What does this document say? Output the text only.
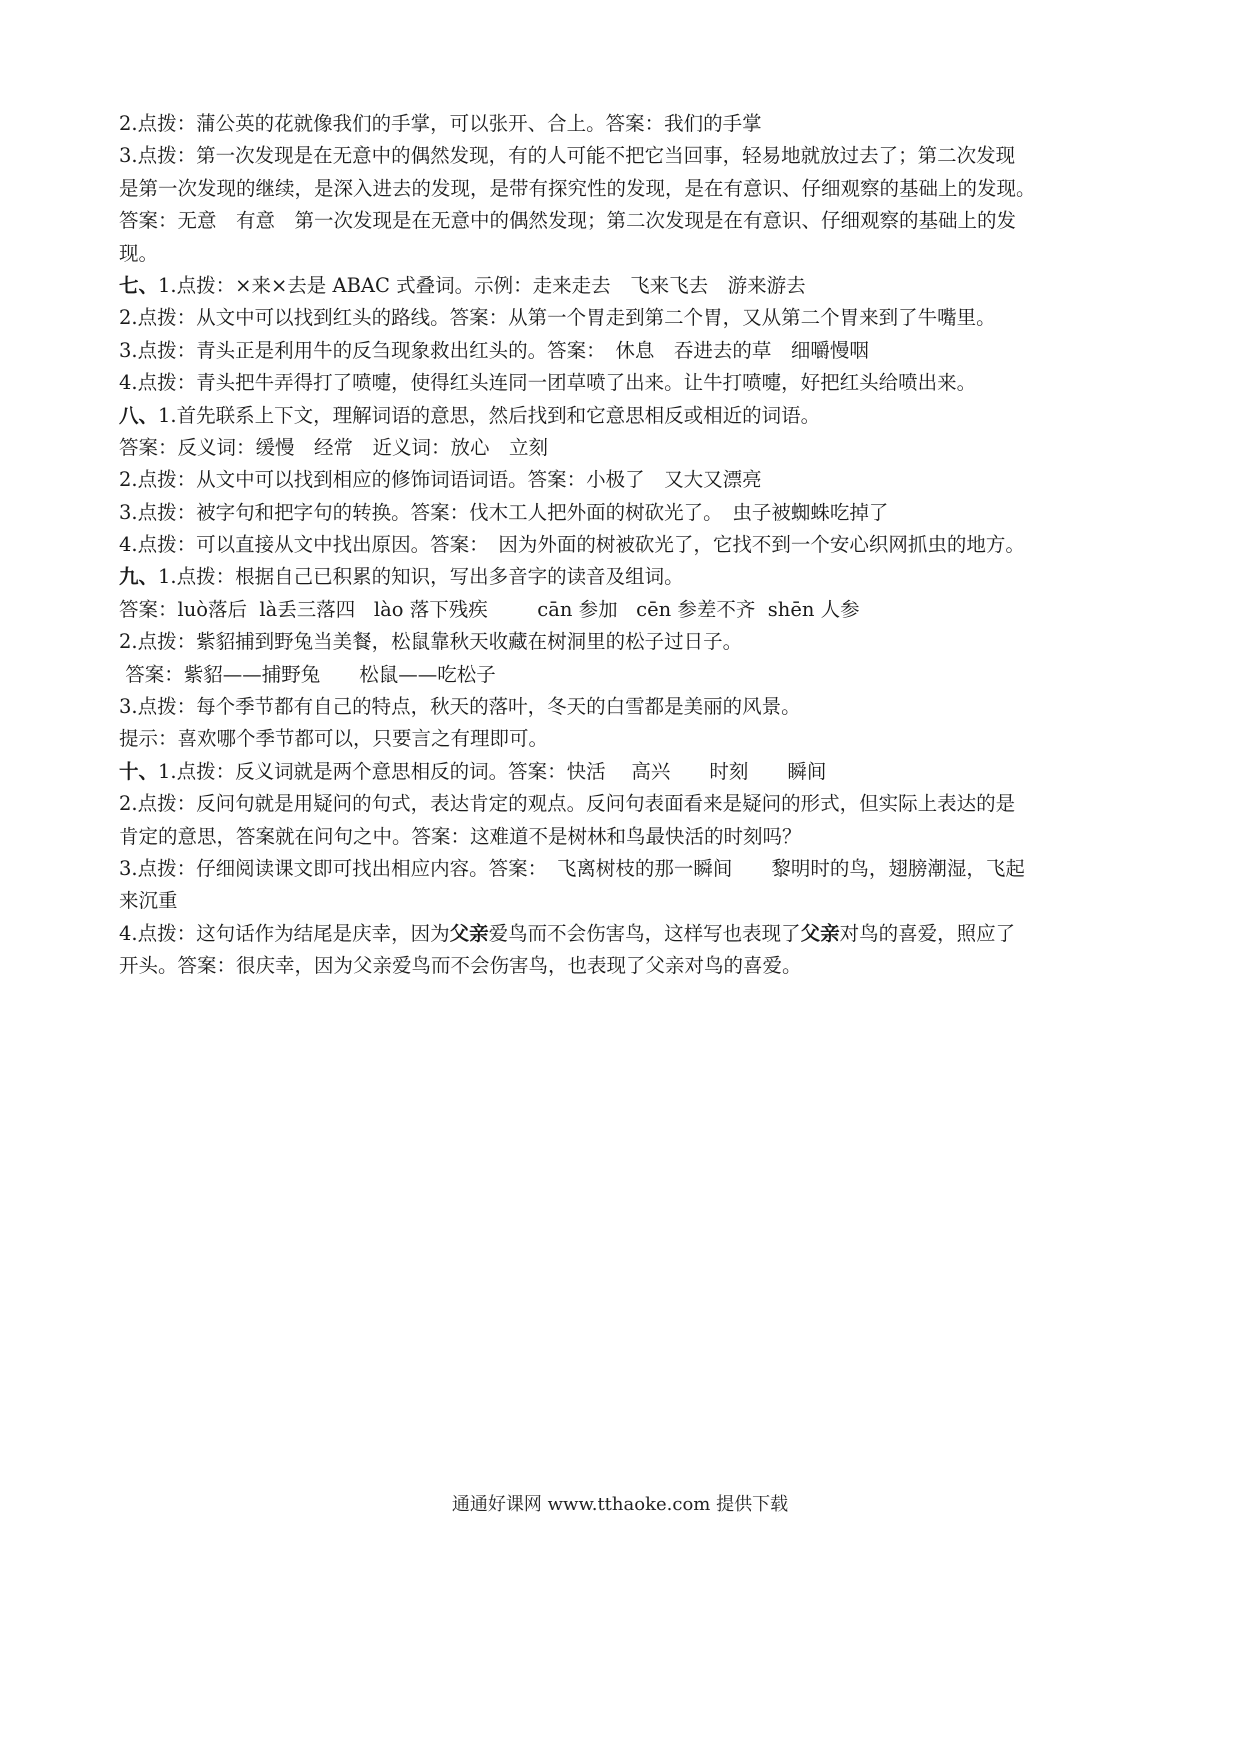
2.点拨：蒲公英的花就像我们的手掌，可以张开、合上。答案：我们的手掌
3.点拨：第一次发现是在无意中的偶然发现，有的人可能不把它当回事，轻易地就放过去了；第二次发现
是第一次发现的继续，是深入进去的发现，是带有探究性的发现，是在有意识、仔细观察的基础上的发现。
答案：无意　有意　第一次发现是在无意中的偶然发现；第二次发现是在有意识、仔细观察的基础上的发
现。
七、1.点拨：×来×去是 ABAC 式叠词。示例：走来走去　飞来飞去　游来游去
2.点拨：从文中可以找到红头的路线。答案：从第一个胃走到第二个胃，又从第二个胃来到了牛嘴里。
3.点拨：青头正是利用牛的反刍现象救出红头的。答案：　休息　吞进去的草　细嚼慢咽
4.点拨：青头把牛弄得打了喷嚏，使得红头连同一团草喷了出来。让牛打喷嚏，好把红头给喷出来。
八、1.首先联系上下文，理解词语的意思，然后找到和它意思相反或相近的词语。
答案：反义词：缓慢　经常　近义词：放心　立刻
2.点拨：从文中可以找到相应的修饰词语词语。答案：小极了　又大又漂亮
3.点拨：被字句和把字句的转换。答案：伐木工人把外面的树砍光了。　虫子被蜘蛛吃掉了
4.点拨：可以直接从文中找出原因。答案：　因为外面的树被砍光了，它找不到一个安心织网抓虫的地方。
九、1.点拨：根据自己已积累的知识，写出多音字的读音及组词。
答案：luò落后  là丢三落四   lào 落下残疾        cān 参加   cēn 参差不齐  shēn 人参
2.点拨：紫貂捕到野兔当美餐，松鼠靠秋天收藏在树洞里的松子过日子。
答案：紫貂——捕野兔　　松鼠——吃松子
3.点拨：每个季节都有自己的特点，秋天的落叶，冬天的白雪都是美丽的风景。
提示：喜欢哪个季节都可以，只要言之有理即可。
十、1.点拨：反义词就是两个意思相反的词。答案：快活　 高兴　　时刻　　瞬间
2.点拨：反问句就是用疑问的句式，表达肯定的观点。反问句表面看来是疑问的形式，但实际上表达的是
肯定的意思，答案就在问句之中。答案：这难道不是树林和鸟最快活的时刻吗？
3.点拨：仔细阅读课文即可找出相应内容。答案：　飞离树枝的那一瞬间　　黎明时的鸟，翅膀潮湿，飞起
来沉重
4.点拨：这句话作为结尾是庆幸，因为父亲爱鸟而不会伤害鸟，这样写也表现了父亲对鸟的喜爱，照应了
开头。答案：很庆幸，因为父亲爱鸟而不会伤害鸟，也表现了父亲对鸟的喜爱。
通通好课网 www.tthaoke.com 提供下载
